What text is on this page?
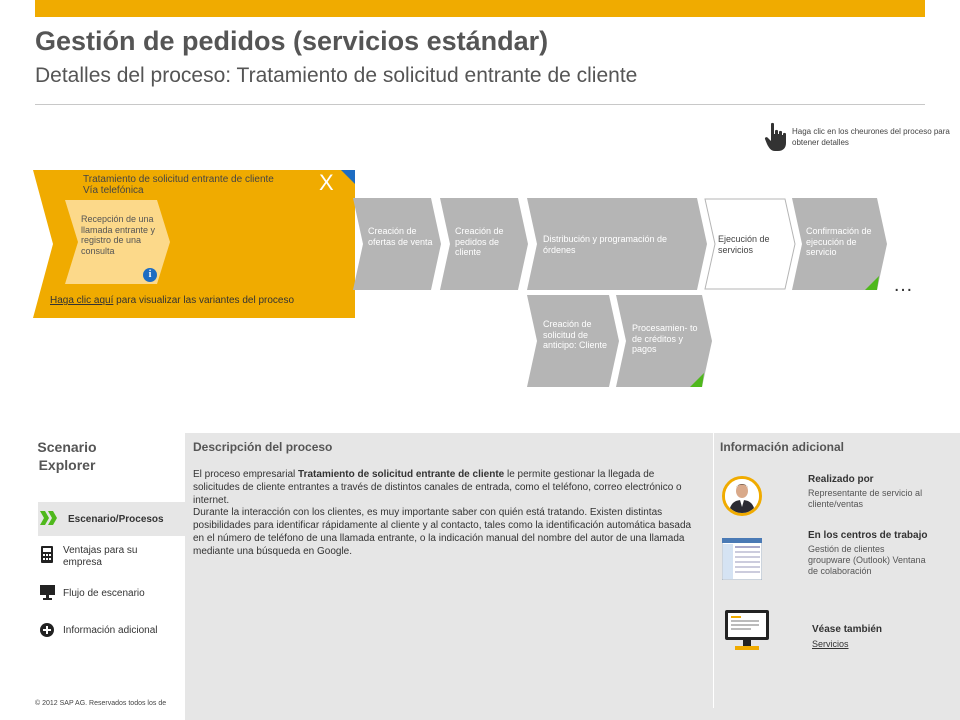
Gestión de pedidos (servicios estándar)
Detalles del proceso: Tratamiento de solicitud entrante de cliente
Haga clic en los cheurones del proceso para obtener detalles
Tratamiento de solicitud entrante de cliente
Vía telefónica	X
Recepción de una llamada entrante y registro de una consulta
i
Haga clic aquí para visualizar las variantes del proceso
Creación de ofertas de venta
Creación de pedidos de cliente
Distribución y programación de órdenes
Ejecución de servicios
Confirmación de ejecución de servicio
…
Creación de solicitud de anticipo: Cliente
Procesamien- to de créditos y pagos
Scenario
Explorer
Escenario/Procesos
Ventajas para su empresa
Flujo de escenario
Información adicional
Descripción del proceso
El proceso empresarial Tratamiento de solicitud entrante de cliente le permite gestionar la llegada de solicitudes de cliente entrantes a través de distintos canales de entrada, como el teléfono, correo electrónico o internet.
Durante la interacción con los clientes, es muy importante saber con quién está tratando. Existen distintas posibilidades para identificar rápidamente al cliente y al contacto, tales como la identificación automática basada en el número de teléfono de una llamada entrante, o la indicación manual del nombre del autor de una llamada mediante una búsqueda en Google.
Información adicional
Realizado por
Representante de servicio al cliente/ventas
En los centros de trabajo
Gestión de clientes groupware (Outlook) Ventana de colaboración
Véase también
Servicios
© 2012 SAP AG. Reservados todos los de
